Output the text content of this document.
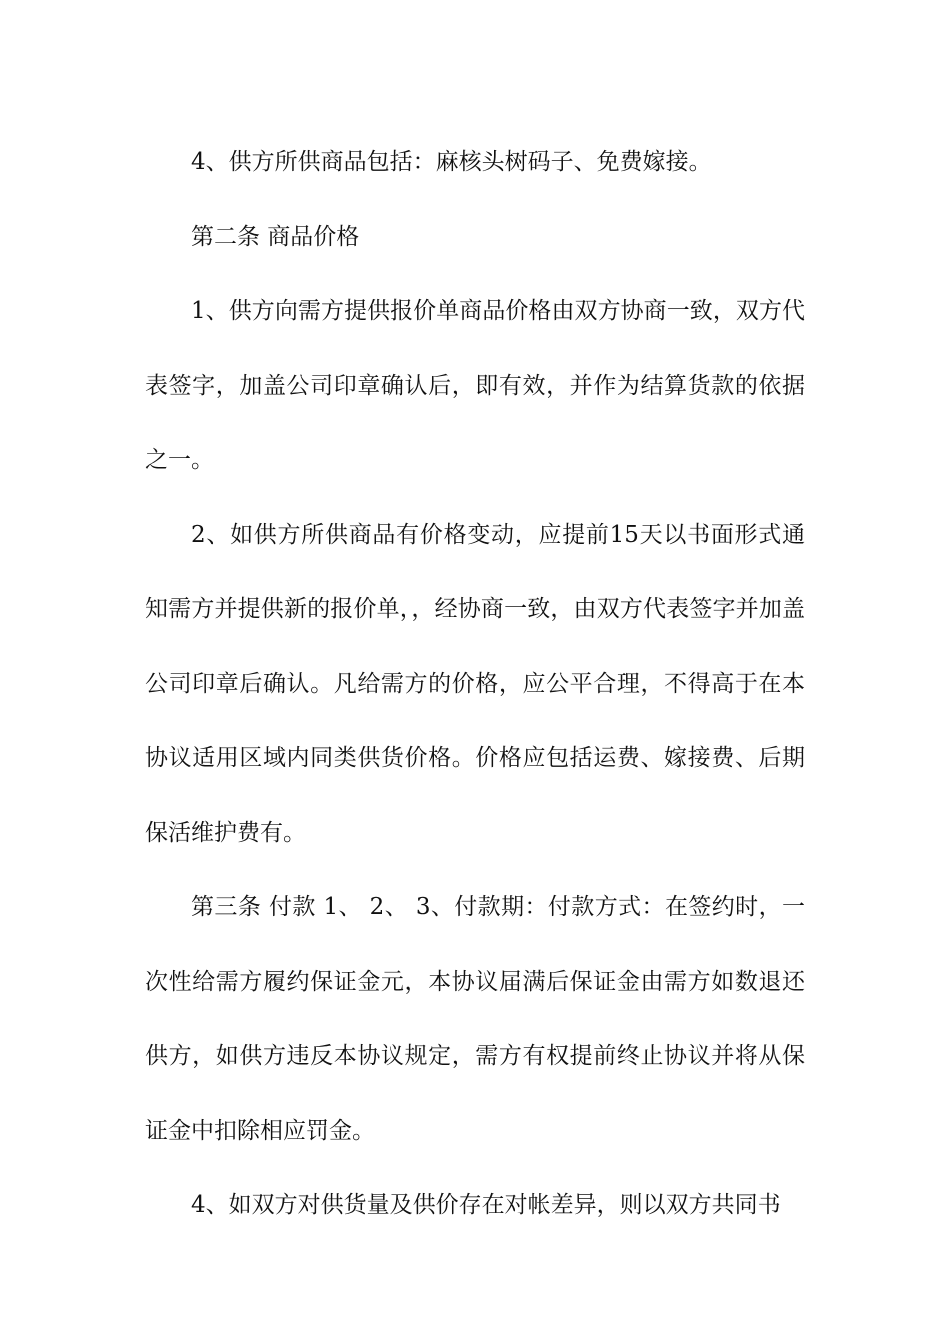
4、供方所供商品包括：麻核头树码子、免费嫁接。

第二条 商品价格

1、供方向需方提供报价单商品价格由双方协商一致，双方代表签字，加盖公司印章确认后，即有效，并作为结算货款的依据之一。

2、如供方所供商品有价格变动，应提前15天以书面形式通知需方并提供新的报价单，，经协商一致，由双方代表签字并加盖公司印章后确认。凡给需方的价格，应公平合理，不得高于在本协议适用区域内同类供货价格。价格应包括运费、嫁接费、后期保活维护费有。

第三条 付款 1、 2、 3、付款期：付款方式：在签约时，一次性给需方履约保证金元，本协议届满后保证金由需方如数退还供方，如供方违反本协议规定，需方有权提前终止协议并将从保证金中扣除相应罚金。

4、如双方对供货量及供价存在对帐差异，则以双方共同书
